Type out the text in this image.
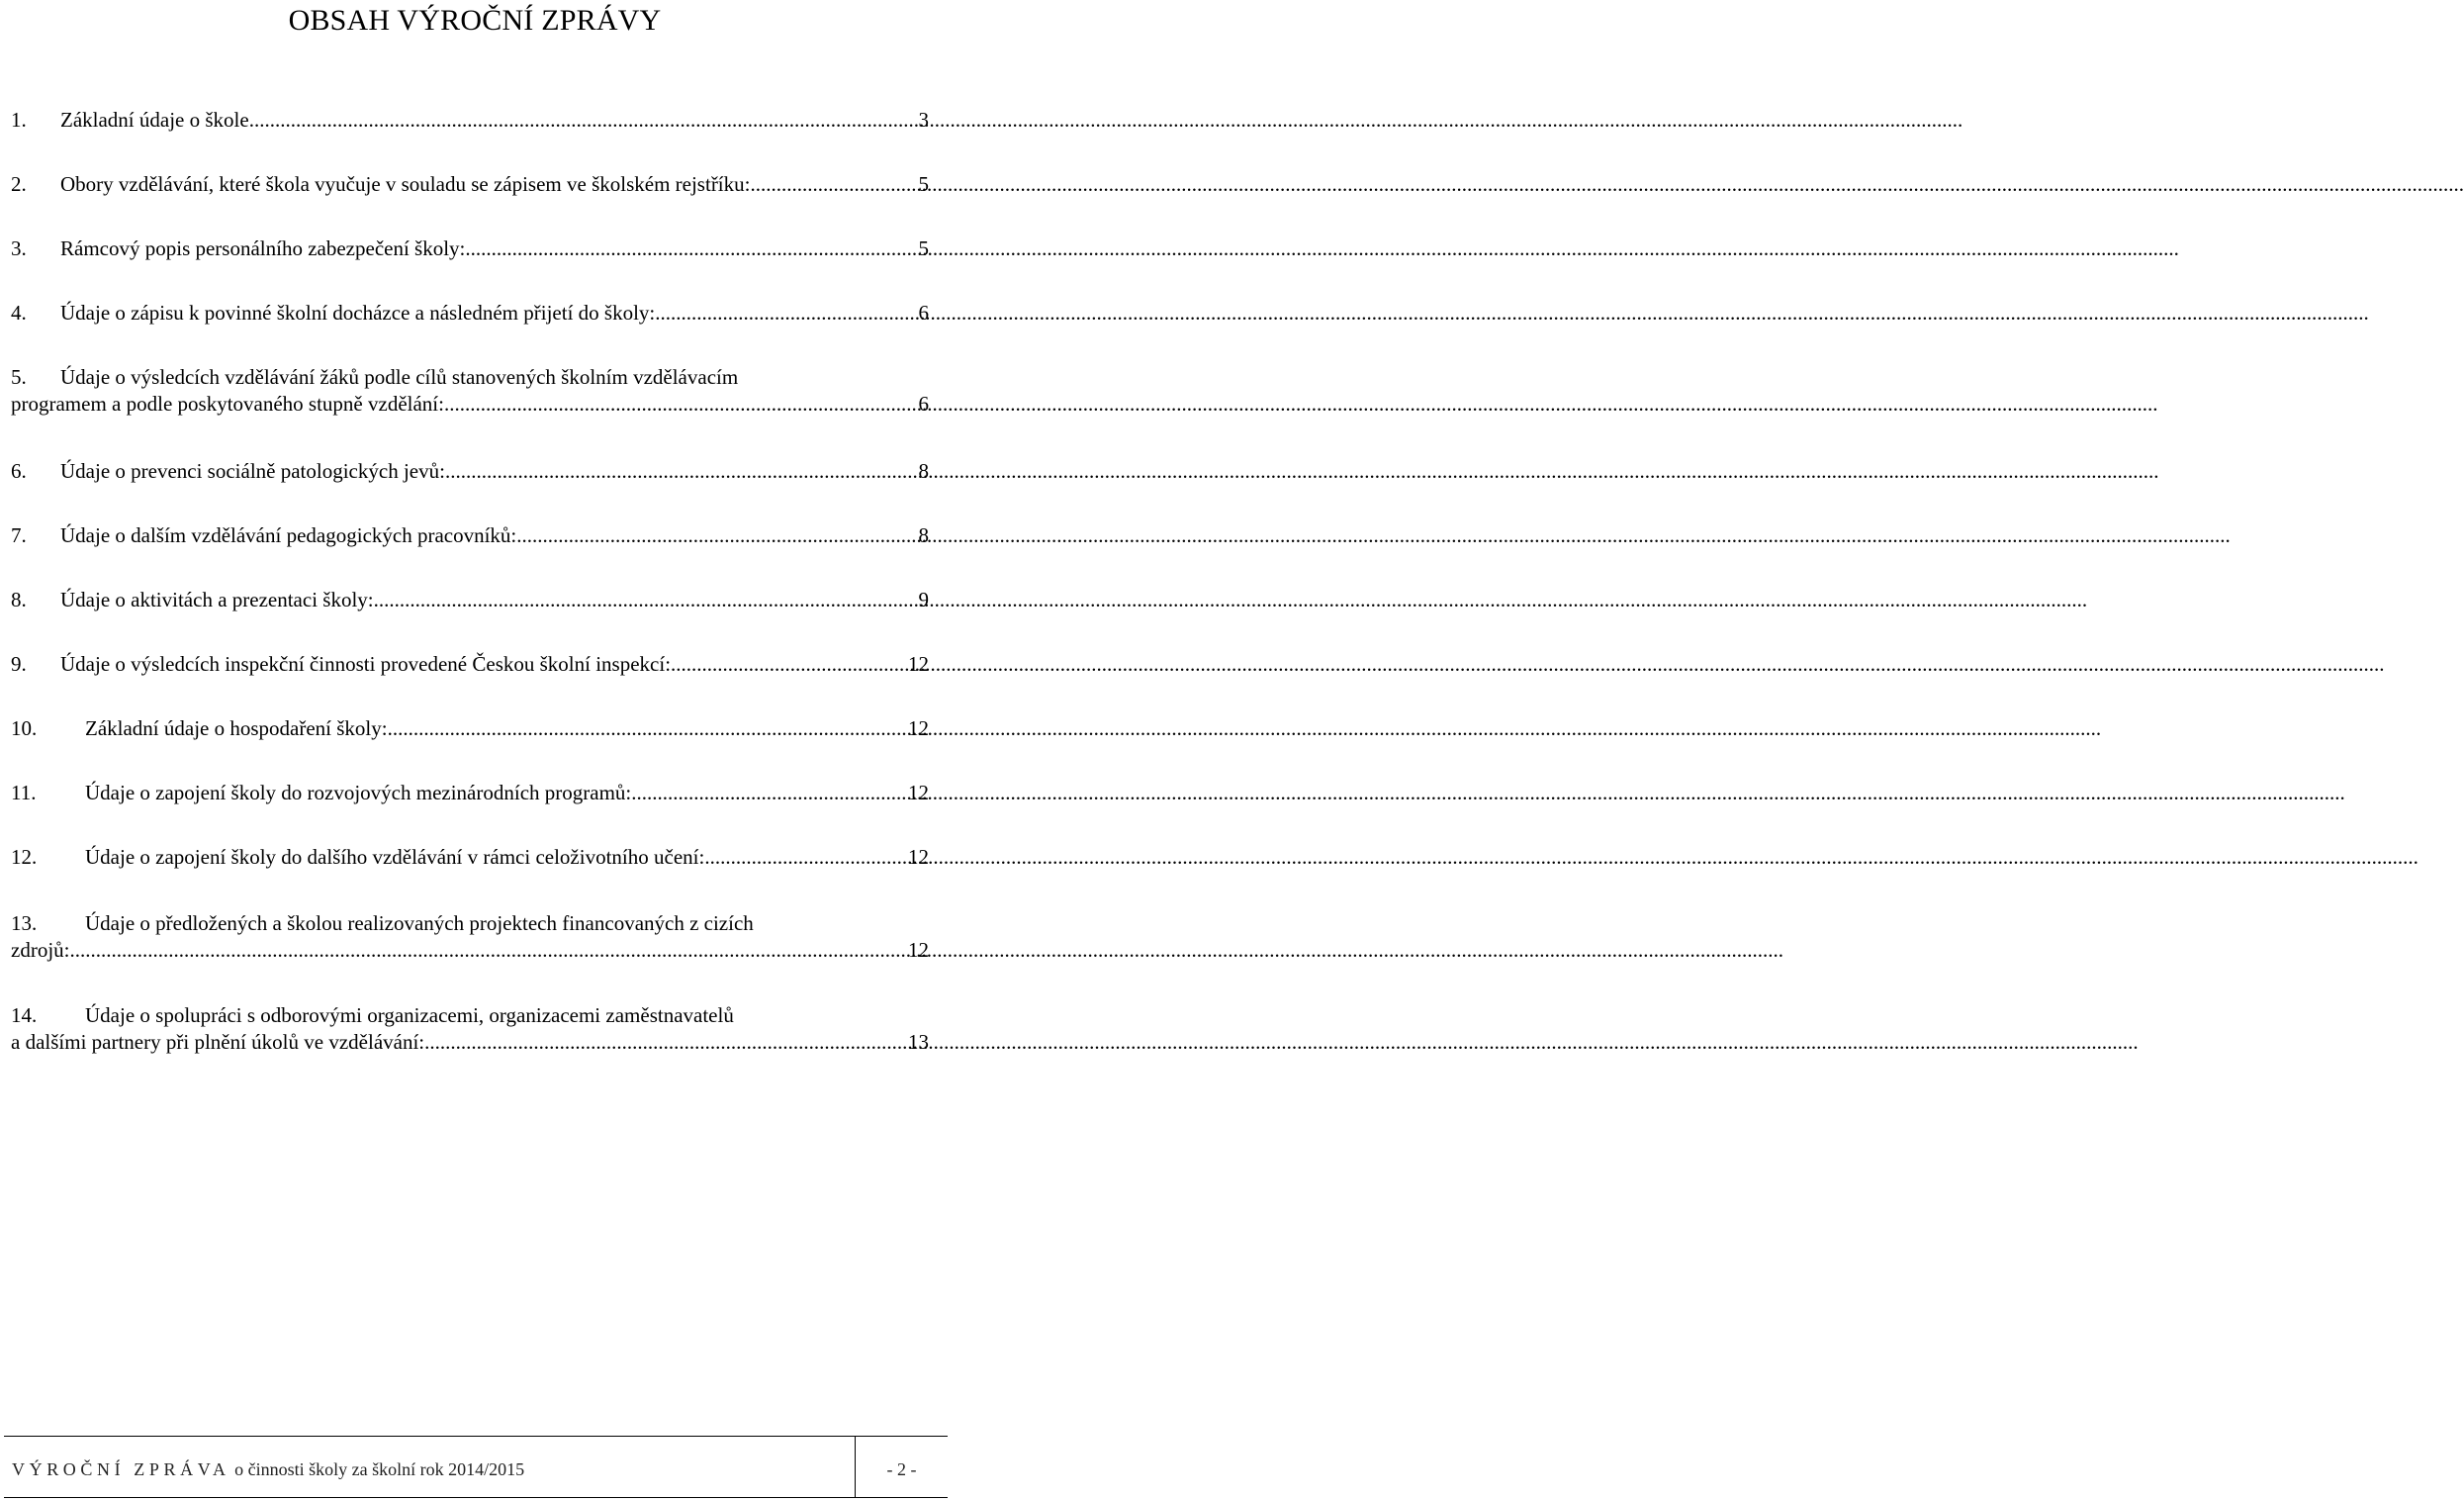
OBSAH VÝROČNÍ ZPRÁVY
1.	Základní údaje o škole .....	3
2.	Obory vzdělávání, které škola vyučuje v souladu se zápisem ve školském rejstříku: .....	5
3.	Rámcový popis personálního zabezpečení školy: .....	5
4.	Údaje o zápisu k povinné školní docházce a následném přijetí do školy: .....	6
5.	Údaje o výsledcích vzdělávání žáků podle cílů stanovených školním vzdělávacím
programem a podle poskytovaného stupně vzdělání: .....	6
6.	Údaje o prevenci sociálně patologických jevů: .....	8
7.	Údaje o dalším vzdělávání pedagogických pracovníků: .....	8
8.	Údaje o aktivitách a prezentaci školy: .....	9
9.	Údaje o výsledcích inspekční činnosti provedené Českou školní inspekcí: .....	12
10.	Základní údaje o hospodaření školy: .....	12
11.	Údaje o zapojení školy do rozvojových mezinárodních programů: .....	12
12.	Údaje o zapojení školy do dalšího vzdělávání v rámci celoživotního učení: .....	12
13.	Údaje o předložených a školou realizovaných projektech financovaných z cizích
zdrojů: .....	12
14.	Údaje o spolupráci s odborovými organizacemi, organizacemi zaměstnavatelů
a dalšími partnery při plnění úkolů ve vzdělávání: .....	13
VÝROČNÍ ZPRÁVA o činnosti školy za školní rok 2014/2015	- 2 -
